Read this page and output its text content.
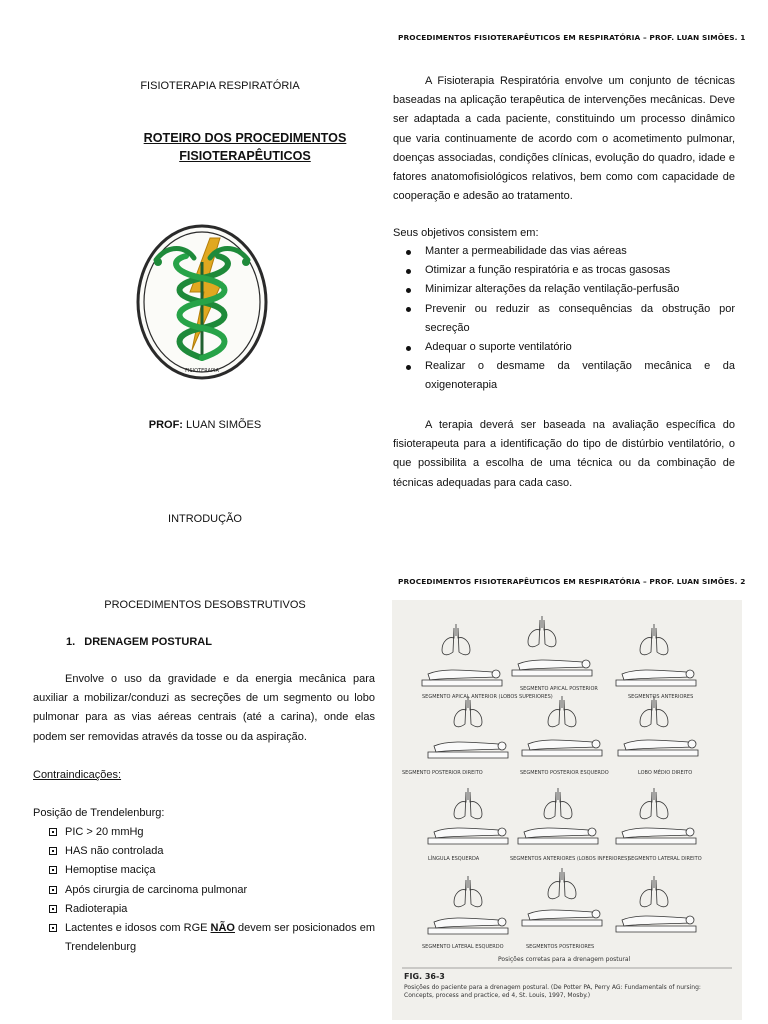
PROCEDIMENTOS FISIOTERAPÊUTICOS EM RESPIRATÓRIA – PROF. LUAN SIMÕES. 1
FISIOTERAPIA RESPIRATÓRIA
ROTEIRO DOS PROCEDIMENTOS
FISIOTERAPÊUTICOS
FISIOTERAPIA
PROF: LUAN SIMÕES
INTRODUÇÃO
A Fisioterapia Respiratória envolve um conjunto de técnicas baseadas na aplicação terapêutica de intervenções mecânicas. Deve ser adaptada a cada paciente, constituindo um processo dinâmico que varia continuamente de acordo com o acometimento pulmonar, doenças associadas, condições clínicas, evolução do quadro, idade e fatores anatomofisiológicos relativos, bem como com capacidade de cooperação e adesão ao tratamento.
Seus objetivos consistem em:
Manter a permeabilidade das vias aéreas
Otimizar a função respiratória e as trocas gasosas
Minimizar alterações da relação ventilação-perfusão
Prevenir ou reduzir as consequências da obstrução por secreção
Adequar o suporte ventilatório
Realizar o desmame da ventilação mecânica e da oxigenoterapia
A terapia deverá ser baseada na avaliação específica do fisioterapeuta para a identificação do tipo de distúrbio ventilatório, o que possibilita a escolha de uma técnica ou da combinação de técnicas adequadas para cada caso.
PROCEDIMENTOS FISIOTERAPÊUTICOS EM RESPIRATÓRIA – PROF. LUAN SIMÕES. 2
PROCEDIMENTOS DESOBSTRUTIVOS
1. DRENAGEM POSTURAL
Envolve o uso da gravidade e da energia mecânica para auxiliar a mobilizar/conduzi as secreções de um segmento ou lobo pulmonar para as vias aéreas centrais (até a carina), onde elas podem ser removidas através da tosse ou da aspiração.
Contraindicações:
Posição de Trendelenburg:
PIC > 20 mmHg
HAS não controlada
Hemoptise maciça
Após cirurgia de carcinoma pulmonar
Radioterapia
Lactentes e idosos com RGE NÃO devem ser posicionados em Trendelenburg
SEGMENTO APICAL ANTERIOR (LOBOS SUPERIORES)
SEGMENTO APICAL POSTERIOR
SEGMENTOS ANTERIORES
SEGMENTO POSTERIOR DIREITO	SEGMENTO POSTERIOR ESQUERDO	LOBO MÉDIO DIREITO
LÍNGULA ESQUERDA	SEGMENTOS ANTERIORES (LOBOS INFERIORES)
SEGMENTO LATERAL DIREITO
SEGMENTO LATERAL ESQUERDO	SEGMENTOS POSTERIORES
Posições corretas para a drenagem postural
FIG. 36-3
Posições do paciente para a drenagem postural. (De Potter PA, Perry AG: Fundamentals of nursing: Concepts, process and practice, ed 4, St. Louis, 1997, Mosby.)
